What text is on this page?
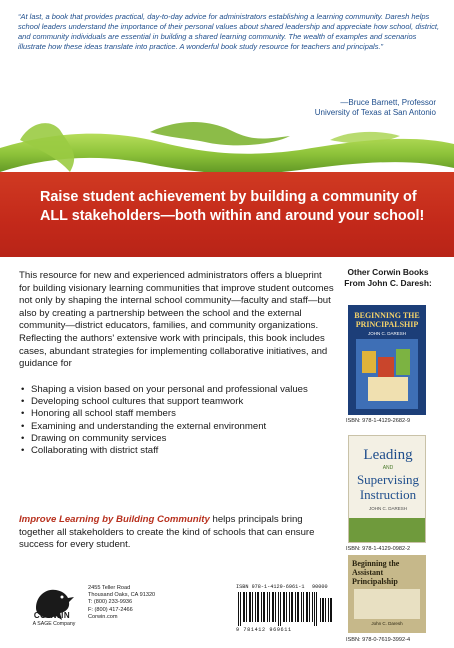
“At last, a book that provides practical, day-to-day advice for administrators establishing a learning community. Daresh helps school leaders understand the importance of their personal values about shared leadership and appreciate how school, district, and community individuals are essential in building a shared learning community. The wealth of examples and scenarios illustrate how these ideas translate into practice. A wonderful book study resource for teachers and principals.”
—Bruce Barnett, Professor
University of Texas at San Antonio
Raise student achievement by building a community of ALL stakeholders—both within and around your school!
This resource for new and experienced administrators offers a blueprint for building visionary learning communities that improve student outcomes not only by shaping the internal school community—faculty and staff—but also by creating a partnership between the school and the external community—district educators, families, and community organizations. Reflecting the authors' extensive work with principals, this book includes cases, abundant strategies for implementing collaborative initiatives, and guidance for
• Shaping a vision based on your personal and professional values
• Developing school cultures that support teamwork
• Honoring all school staff members
• Examining and understanding the external environment
• Drawing on community services
• Collaborating with district staff
Improve Learning by Building Community helps principals bring together all stakeholders to create the kind of schools that can ensure success for every student.
Other Corwin Books From John C. Daresh:
BEGINNING THE PRINCIPALSHIP
JOHN C. DARESH
ISBN: 978-1-4129-2682-9
Leading
AND
Supervising
Instruction
JOHN C. DARESH
ISBN: 978-1-4129-0982-2
Beginning the Assistant Principalship
John C. Daresh
ISBN: 978-0-7619-3992-4
CORWIN
A SAGE Company
2455 Teller Road
Thousand Oaks, CA 91320
T: (800) 233-9936
F: (800) 417-2466
Corwin.com
ISBN 978-1-4129-6961-1 90000
9 781412 969611
